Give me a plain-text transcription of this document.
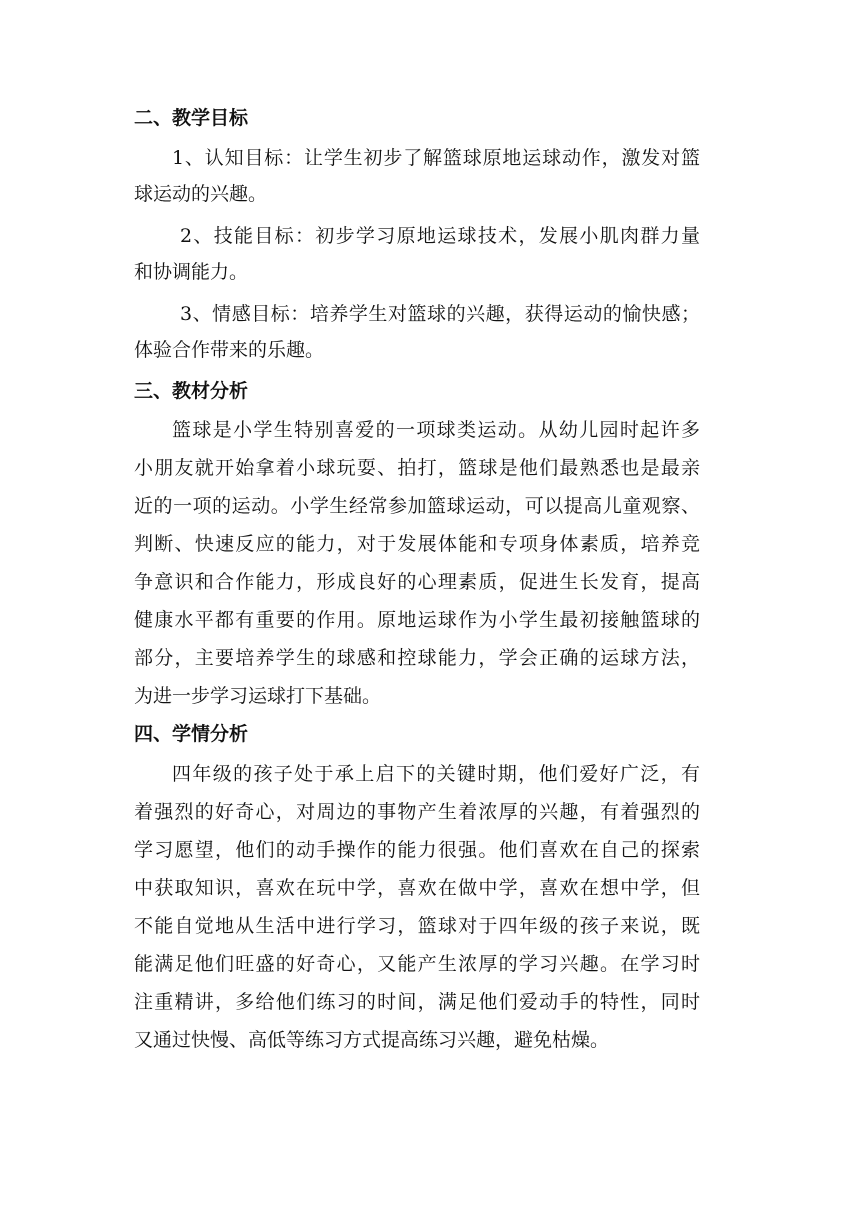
二、教学目标
1、认知目标：让学生初步了解篮球原地运球动作，激发对篮
球运动的兴趣。
2、技能目标：初步学习原地运球技术，发展小肌肉群力量
和协调能力。
3、情感目标：培养学生对篮球的兴趣，获得运动的愉快感；
体验合作带来的乐趣。
三、教材分析
篮球是小学生特别喜爱的一项球类运动。从幼儿园时起许多
小朋友就开始拿着小球玩耍、拍打，篮球是他们最熟悉也是最亲
近的一项的运动。小学生经常参加篮球运动，可以提高儿童观察、
判断、快速反应的能力，对于发展体能和专项身体素质，培养竞
争意识和合作能力，形成良好的心理素质，促进生长发育，提高
健康水平都有重要的作用。原地运球作为小学生最初接触篮球的
部分，主要培养学生的球感和控球能力，学会正确的运球方法，
为进一步学习运球打下基础。
四、学情分析
四年级的孩子处于承上启下的关键时期，他们爱好广泛，有
着强烈的好奇心，对周边的事物产生着浓厚的兴趣，有着强烈的
学习愿望，他们的动手操作的能力很强。他们喜欢在自己的探索
中获取知识，喜欢在玩中学，喜欢在做中学，喜欢在想中学，但
不能自觉地从生活中进行学习，篮球对于四年级的孩子来说，既
能满足他们旺盛的好奇心，又能产生浓厚的学习兴趣。在学习时
注重精讲，多给他们练习的时间，满足他们爱动手的特性，同时
又通过快慢、高低等练习方式提高练习兴趣，避免枯燥。
